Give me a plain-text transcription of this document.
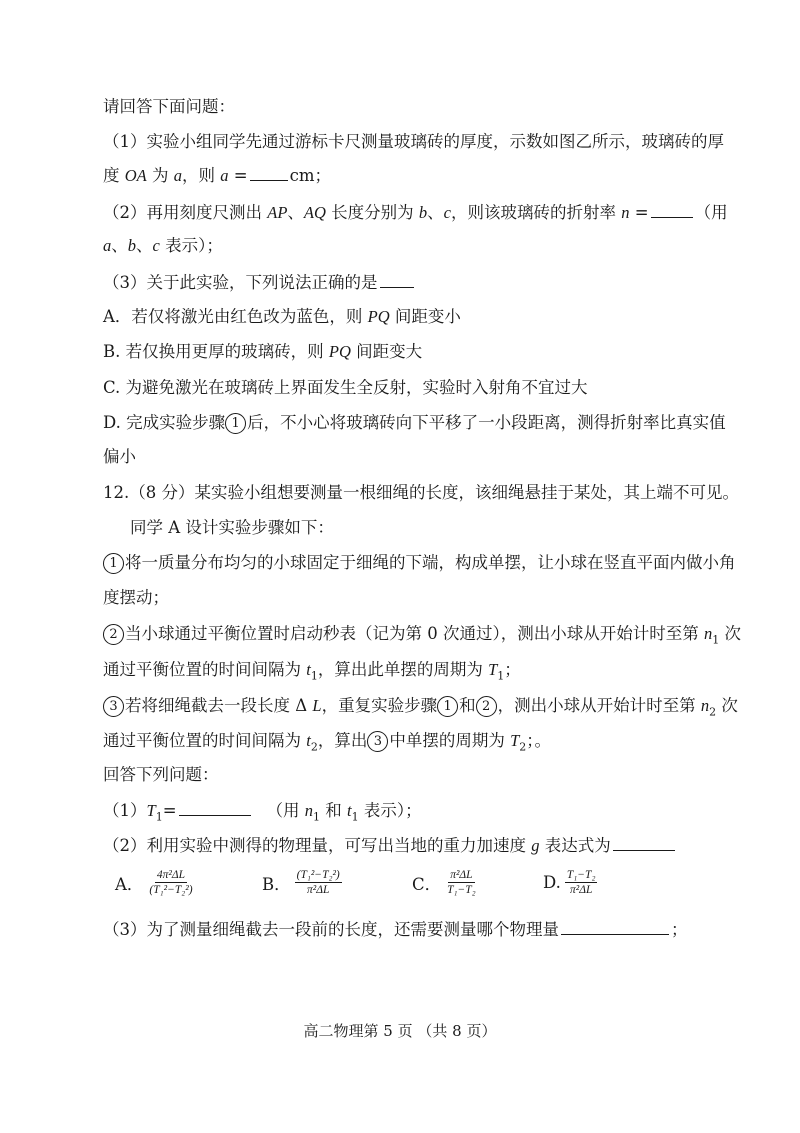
请回答下面问题：
（1）实验小组同学先通过游标卡尺测量玻璃砖的厚度，示数如图乙所示，玻璃砖的厚
度 OA 为 a，则 a =	cm；
（2）再用刻度尺测出 AP、AQ 长度分别为 b、c，则该玻璃砖的折射率 n =	（用
a、b、c 表示）；
（3）关于此实验，下列说法正确的是
A．若仅将激光由红色改为蓝色，则 PQ 间距变小
B. 若仅换用更厚的玻璃砖，则 PQ 间距变大
C. 为避免激光在玻璃砖上界面发生全反射，实验时入射角不宜过大
D. 完成实验步骤 1 后，不小心将玻璃砖向下平移了一小段距离，测得折射率比真实值
偏小
12.（8 分）某实验小组想要测量一根细绳的长度，该细绳悬挂于某处，其上端不可见。
同学 A 设计实验步骤如下：
1 将一质量分布均匀的小球固定于细绳的下端，构成单摆，让小球在竖直平面内做小角
度摆动；
2 当小球通过平衡位置时启动秒表（记为第 0 次通过），测出小球从开始计时至第 $n_1$ 次
通过平衡位置的时间间隔为 $t_1$，算出此单摆的周期为 $T_1$；
3 若将细绳截去一段长度 Δ L，重复实验步骤 1 和 2 ，测出小球从开始计时至第 $n_2$ 次
通过平衡位置的时间间隔为 $t_2$，算出 3 中单摆的周期为 $T_2$；。
回答下列问题：
$(1)T_1=$	（用 $n_1$ 和 $t_1$ 表示）；
（2）利用实验中测得的物理量，可写出当地的重力加速度 g 表达式为
A． $\frac{\text{4π²ΔL}}{\text{(T₁²−T₂²)}}$	B． $\frac{\text{(T₁²−T₂²)}}{\text{π²ΔL}}$	C． $\frac{\text{π²ΔL}}{\text{T₁−T₂}}$	D. $\frac{\text{T₁−T₂}}{\text{π²ΔL}}$
（3）为了测量细绳截去一段前的长度，还需要测量哪个物理量	；
高二物理第 5 页 （共 8 页）
